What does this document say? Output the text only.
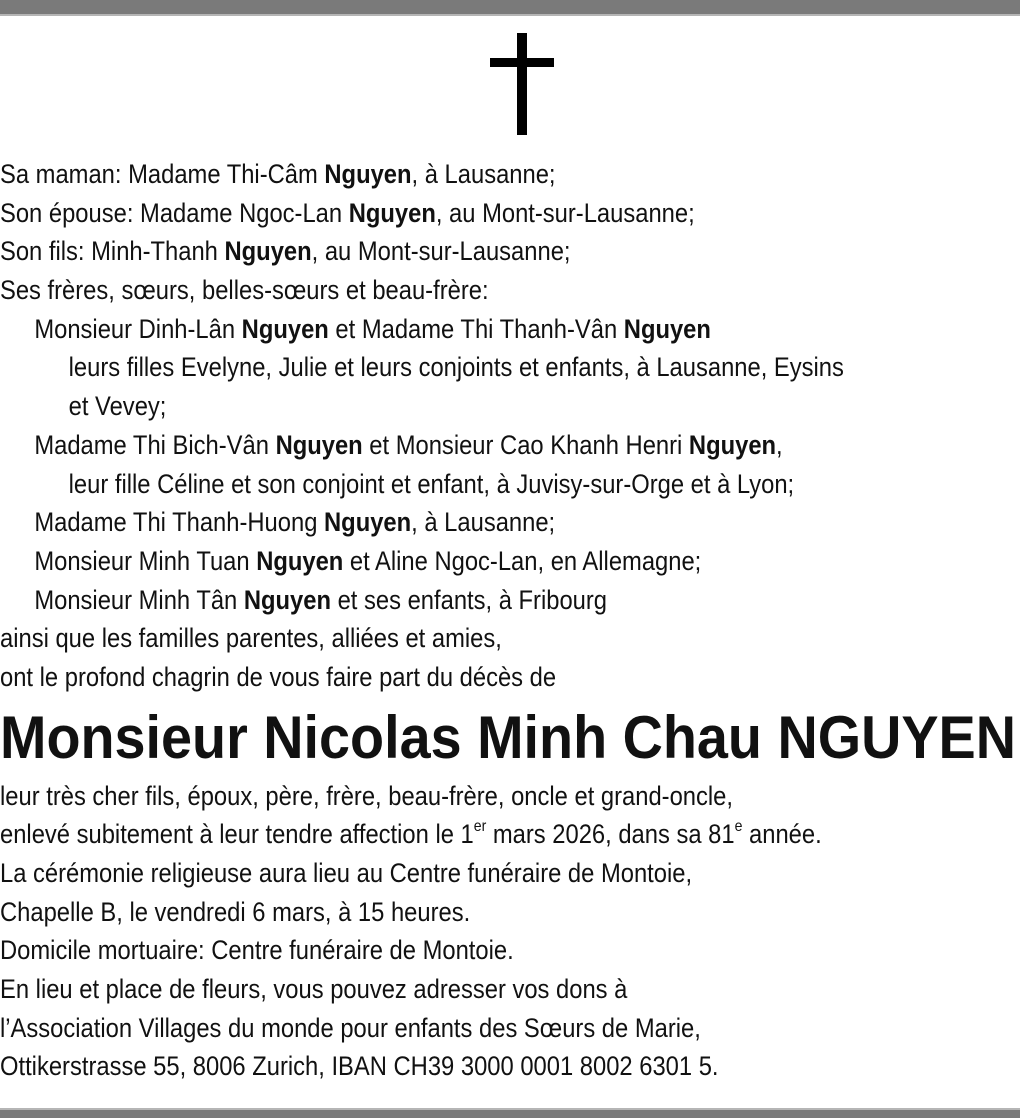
Sa maman: Madame Thi-Câm Nguyen, à Lausanne;
Son épouse: Madame Ngoc-Lan Nguyen, au Mont-sur-Lausanne;
Son fils: Minh-Thanh Nguyen, au Mont-sur-Lausanne;
Ses frères, sœurs, belles-sœurs et beau-frère:
Monsieur Dinh-Lân Nguyen et Madame Thi Thanh-Vân Nguyen
leurs filles Evelyne, Julie et leurs conjoints et enfants, à Lausanne, Eysins
et Vevey;
Madame Thi Bich-Vân Nguyen et Monsieur Cao Khanh Henri Nguyen,
leur fille Céline et son conjoint et enfant, à Juvisy-sur-Orge et à Lyon;
Madame Thi Thanh-Huong Nguyen, à Lausanne;
Monsieur Minh Tuan Nguyen et Aline Ngoc-Lan, en Allemagne;
Monsieur Minh Tân Nguyen et ses enfants, à Fribourg
ainsi que les familles parentes, alliées et amies,
ont le profond chagrin de vous faire part du décès de
Monsieur Nicolas Minh Chau NGUYEN
leur très cher fils, époux, père, frère, beau-frère, oncle et grand-oncle,
enlevé subitement à leur tendre affection le 1er mars 2026, dans sa 81e année.
La cérémonie religieuse aura lieu au Centre funéraire de Montoie,
Chapelle B, le vendredi 6 mars, à 15 heures.
Domicile mortuaire: Centre funéraire de Montoie.
En lieu et place de fleurs, vous pouvez adresser vos dons à
l’Association Villages du monde pour enfants des Sœurs de Marie,
Ottikerstrasse 55, 8006 Zurich, IBAN CH39 3000 0001 8002 6301 5.
